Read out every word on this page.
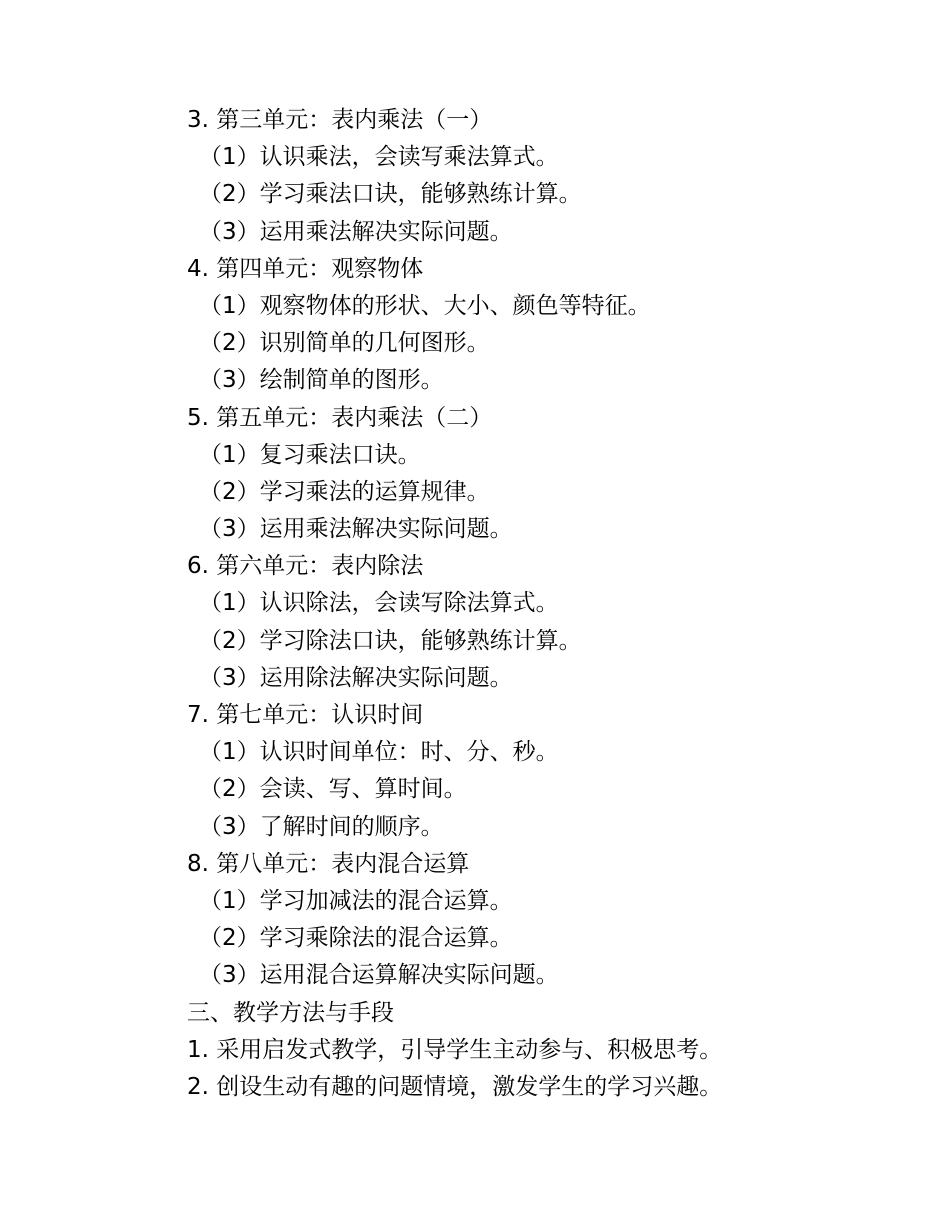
3. 第三单元：表内乘法（一）
（1）认识乘法，会读写乘法算式。
（2）学习乘法口诀，能够熟练计算。
（3）运用乘法解决实际问题。
4. 第四单元：观察物体
（1）观察物体的形状、大小、颜色等特征。
（2）识别简单的几何图形。
（3）绘制简单的图形。
5. 第五单元：表内乘法（二）
（1）复习乘法口诀。
（2）学习乘法的运算规律。
（3）运用乘法解决实际问题。
6. 第六单元：表内除法
（1）认识除法，会读写除法算式。
（2）学习除法口诀，能够熟练计算。
（3）运用除法解决实际问题。
7. 第七单元：认识时间
（1）认识时间单位：时、分、秒。
（2）会读、写、算时间。
（3）了解时间的顺序。
8. 第八单元：表内混合运算
（1）学习加减法的混合运算。
（2）学习乘除法的混合运算。
（3）运用混合运算解决实际问题。
三、教学方法与手段
1. 采用启发式教学，引导学生主动参与、积极思考。
2. 创设生动有趣的问题情境，激发学生的学习兴趣。
